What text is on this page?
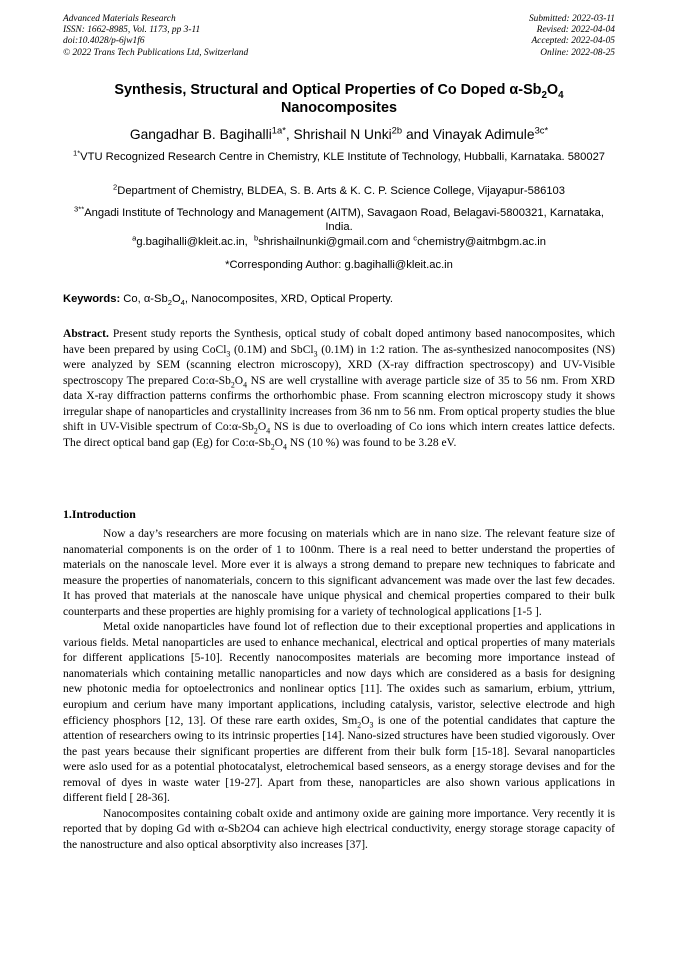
Advanced Materials Research
ISSN: 1662-8985, Vol. 1173, pp 3-11
doi:10.4028/p-6jw1f6
© 2022 Trans Tech Publications Ltd, Switzerland
Submitted: 2022-03-11
Revised: 2022-04-04
Accepted: 2022-04-05
Online: 2022-08-25
Synthesis, Structural and Optical Properties of Co Doped $\alpha-Sb_2O_4$
Nanocomposites
Gangadhar B. Bagihalli$^{1a*}$, Shrishail N Unki$^{2b}$ and Vinayak Adimule$^{3c*}$
$^{1*}$VTU Recognized Research Centre in Chemistry, KLE Institute of Technology, Hubballi, Karnataka. 580027
$^2$Department of Chemistry, BLDEA, S. B. Arts & K. C. P. Science College, Vijayapur-586103
$^{3**}$Angadi Institute of Technology and Management (AITM), Savagaon Road, Belagavi-5800321, Karnataka, India.
$^a$g.bagihalli@kleit.ac.in, $^b$shrishailnunki@gmail.com and $^c$chemistry@aitmbgm.ac.in
*Corresponding Author: g.bagihalli@kleit.ac.in
Keywords: Co, $\alpha-Sb_2O_4$, Nanocomposites, XRD, Optical Property.
Abstract. Present study reports the Synthesis, optical study of cobalt doped antimony based nanocomposites, which have been prepared by using CoCl$_3$ (0.1M) and SbCl$_3$ (0.1M) in 1:2 ration. The as-synthesized nanocomposites (NS) were analyzed by SEM (scanning electron microscopy), XRD (X-ray diffraction spectroscopy) and UV-Visible spectroscopy The prepared $Co:\alpha-Sb_2O_4$ NS are well crystalline with average particle size of 35 to 56 nm. From XRD data X-ray diffraction patterns confirms the orthorhombic phase. From scanning electron microscopy study it shows irregular shape of nanoparticles and crystallinity increases from 36 nm to 56 nm. From optical property studies the blue shift in UV-Visible spectrum of $Co:\alpha-Sb_2O_4$ NS is due to overloading of Co ions which intern creates lattice defects. The direct optical band gap (Eg) for $Co:\alpha-Sb_2O_4$ NS (10 %) was found to be 3.28 eV.
1.Introduction

Now a day’s researchers are more focusing on materials which are in nano size. The relevant feature size of nanomaterial components is on the order of 1 to 100nm. There is a real need to better understand the properties of materials on the nanoscale level. More ever it is always a strong demand to prepare new techniques to fabricate and measure the properties of nanomaterials, concern to this significant advancement was made over the last few decades. It has proved that materials at the nanoscale have unique physical and chemical properties compared to their bulk counterparts and these properties are highly promising for a variety of technological applications [1-5 ].

Metal oxide nanoparticles have found lot of reflection due to their exceptional properties and applications in various fields. Metal nanoparticles are used to enhance mechanical, electrical and optical properties of many materials for different applications [5-10]. Recently nanocomposites materials are becoming more importance instead of nanomaterials which containing metallic nanoparticles and now days which are considered as a basis for designing new photonic media for optoelectronics and nonlinear optics [11]. The oxides such as samarium, erbium, yttrium, europium and cerium have many important applications, including catalysis, varistor, selective electrode and high efficiency phosphors [12, 13]. Of these rare earth oxides, $Sm_2O_3$ is one of the potential candidates that capture the attention of researchers owing to its intrinsic properties [14]. Nano-sized structures have been studied vigorously. Over the past years because their significant properties are different from their bulk form [15-18]. Sevaral nanoparticles were aslo used for as a potential photocatalyst, eletrochemical based senseors, as a energy storage devises and for the removal of dyes in waste water [19-27]. Apart from these, nanoparticles are also shown various applications in different field [ 28-36].

Nanocomposites containing cobalt oxide and antimony oxide are gaining more importance. Very recently it is reported that by doping Gd with α-Sb2O4 can achieve high electrical conductivity, energy storage storage capacity of the nanostructure and also optical absorptivity also increases [37].
